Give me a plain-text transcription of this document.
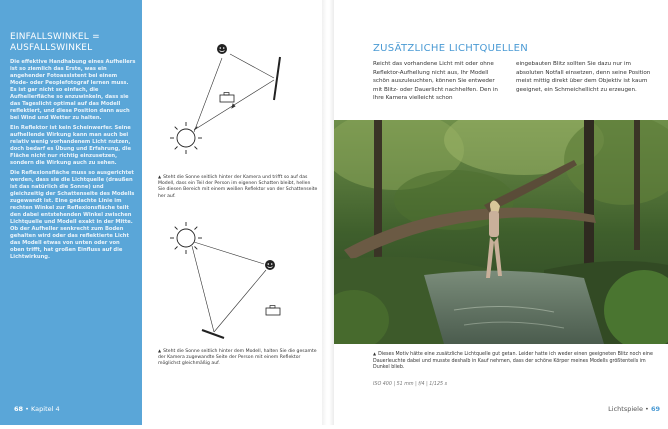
EINFALLSWINKEL =
AUSFALLSWINKEL

Die effektive Handhabung eines Aufhellers ist so ziemlich das Erste, was ein angehender Fotoassistent bei einem Mode- oder Peoplefotograf lernen muss. Es ist gar nicht so einfach, die Aufhellerfläche so anzuwinkeln, dass sie das Tageslicht optimal auf das Modell reflektiert, und diese Position dann auch bei Wind und Wetter zu halten.

Ein Reflektor ist kein Scheinwerfer. Seine aufhellende Wirkung kann man auch bei relativ wenig vorhandenem Licht nutzen, doch bedarf es Übung und Erfahrung, die Fläche nicht nur richtig einzusetzen, sondern die Wirkung auch zu sehen.

Die Reflexionsfläche muss so ausgerichtet werden, dass sie die Lichtquelle (draußen ist das natürlich die Sonne) und gleichzeitig der Schattenseite des Modells zugewandt ist. Eine gedachte Linie im rechten Winkel zur Reflexionsfläche teilt den dabei entstehenden Winkel zwischen Lichtquelle und Modell exakt in der Mitte. Ob der Aufheller senkrecht zum Boden gehalten wird oder das reflektierte Licht das Modell etwas von unten oder von oben trifft, hat großen Einfluss auf die Lichtwirkung.

68 • Kapitel 4
▲ Steht die Sonne seitlich hinter der Kamera und trifft so auf das Modell, dass ein Teil der Person im eigenen Schatten bleibt, hellen Sie diesen Bereich mit einem weißen Reflektor von der Schattenseite her auf.
▲ Steht die Sonne seitlich hinter dem Modell, halten Sie die gesamte der Kamera zugewandte Seite der Person mit einem Reflektor möglichst gleichmäßig auf.
ZUSÄTZLICHE LICHTQUELLEN
Reicht das vorhandene Licht mit oder ohne Reflektor-Aufhellung nicht aus, Ihr Modell schön auszuleuchten, können Sie entweder mit Blitz- oder Dauerlicht nachhelfen. Den in Ihre Kamera vielleicht schon
eingebauten Blitz sollten Sie dazu nur im absoluten Notfall einsetzen, denn seine Position meist mittig direkt über dem Objektiv ist kaum geeignet, ein Schmeichellicht zu erzeugen.
▲ Dieses Motiv hätte eine zusätzliche Lichtquelle gut getan. Leider hatte ich weder einen geeigneten Blitz noch eine Dauerleuchte dabei und musste deshalb in Kauf nehmen, dass der schöne Körper meines Modells größtenteils im Dunkel blieb.
ISO 400 | 51 mm | f/4 | 1/125 s
Lichtspiele • 69
